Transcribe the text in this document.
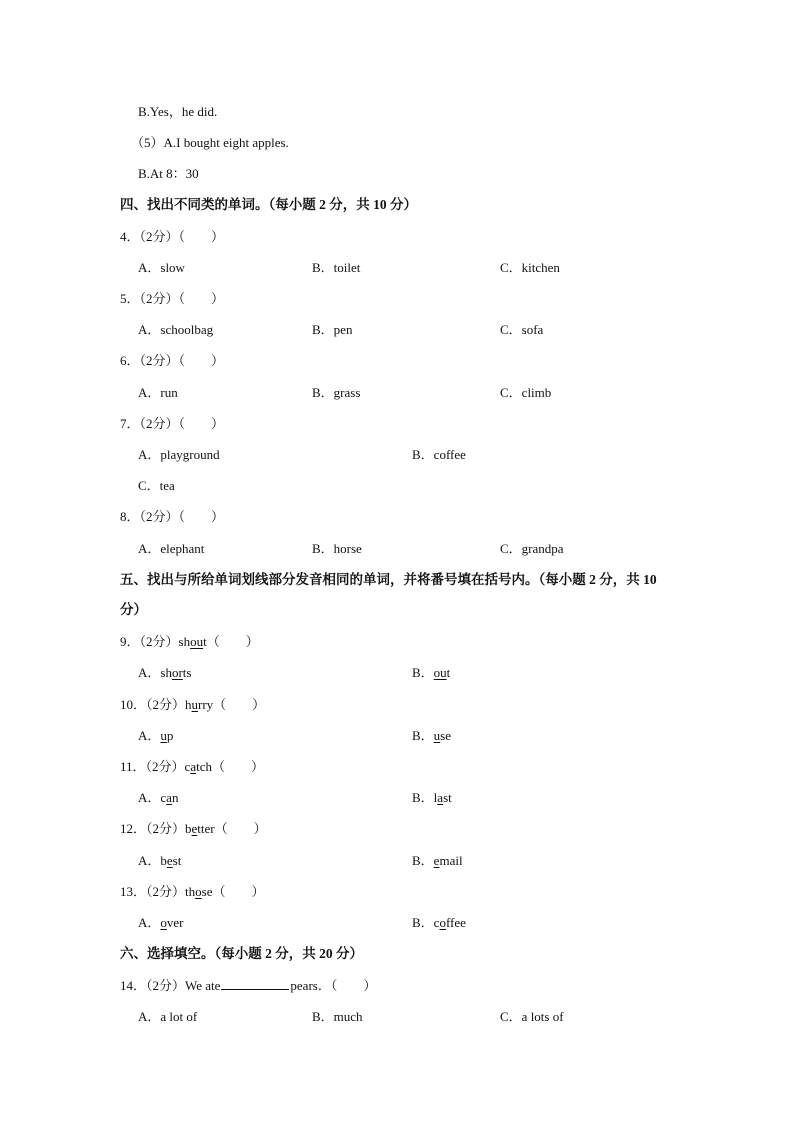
B.Yes，he did.
（5）A.I bought eight apples.
B.At 8：30
四、找出不同类的单词。（每小题 2 分，共 10 分）
4．（2分）（　　）
A．slow	B．toilet	C．kitchen
5．（2分）（　　）
A．schoolbag	B．pen	C．sofa
6．（2分）（　　）
A．run	B．grass	C．climb
7．（2分）（　　）
A．playground	B．coffee
C．tea
8．（2分）（　　）
A．elephant	B．horse	C．grandpa
五、找出与所给单词划线部分发音相同的单词，并将番号填在括号内。（每小题 2 分，共 10
分）
9．（2分）shout（　　）
A．shorts	B．out
10．（2分）hurry（　　）
A．up	B．use
11．（2分）catch（　　）
A．can	B．last
12．（2分）better（　　）
A．best	B．email
13．（2分）those（　　）
A．over	B．coffee
六、选择填空。（每小题 2 分，共 20 分）
14．（2分）We ate	pears．（　　）
A．a lot of	B．much	C．a lots of
